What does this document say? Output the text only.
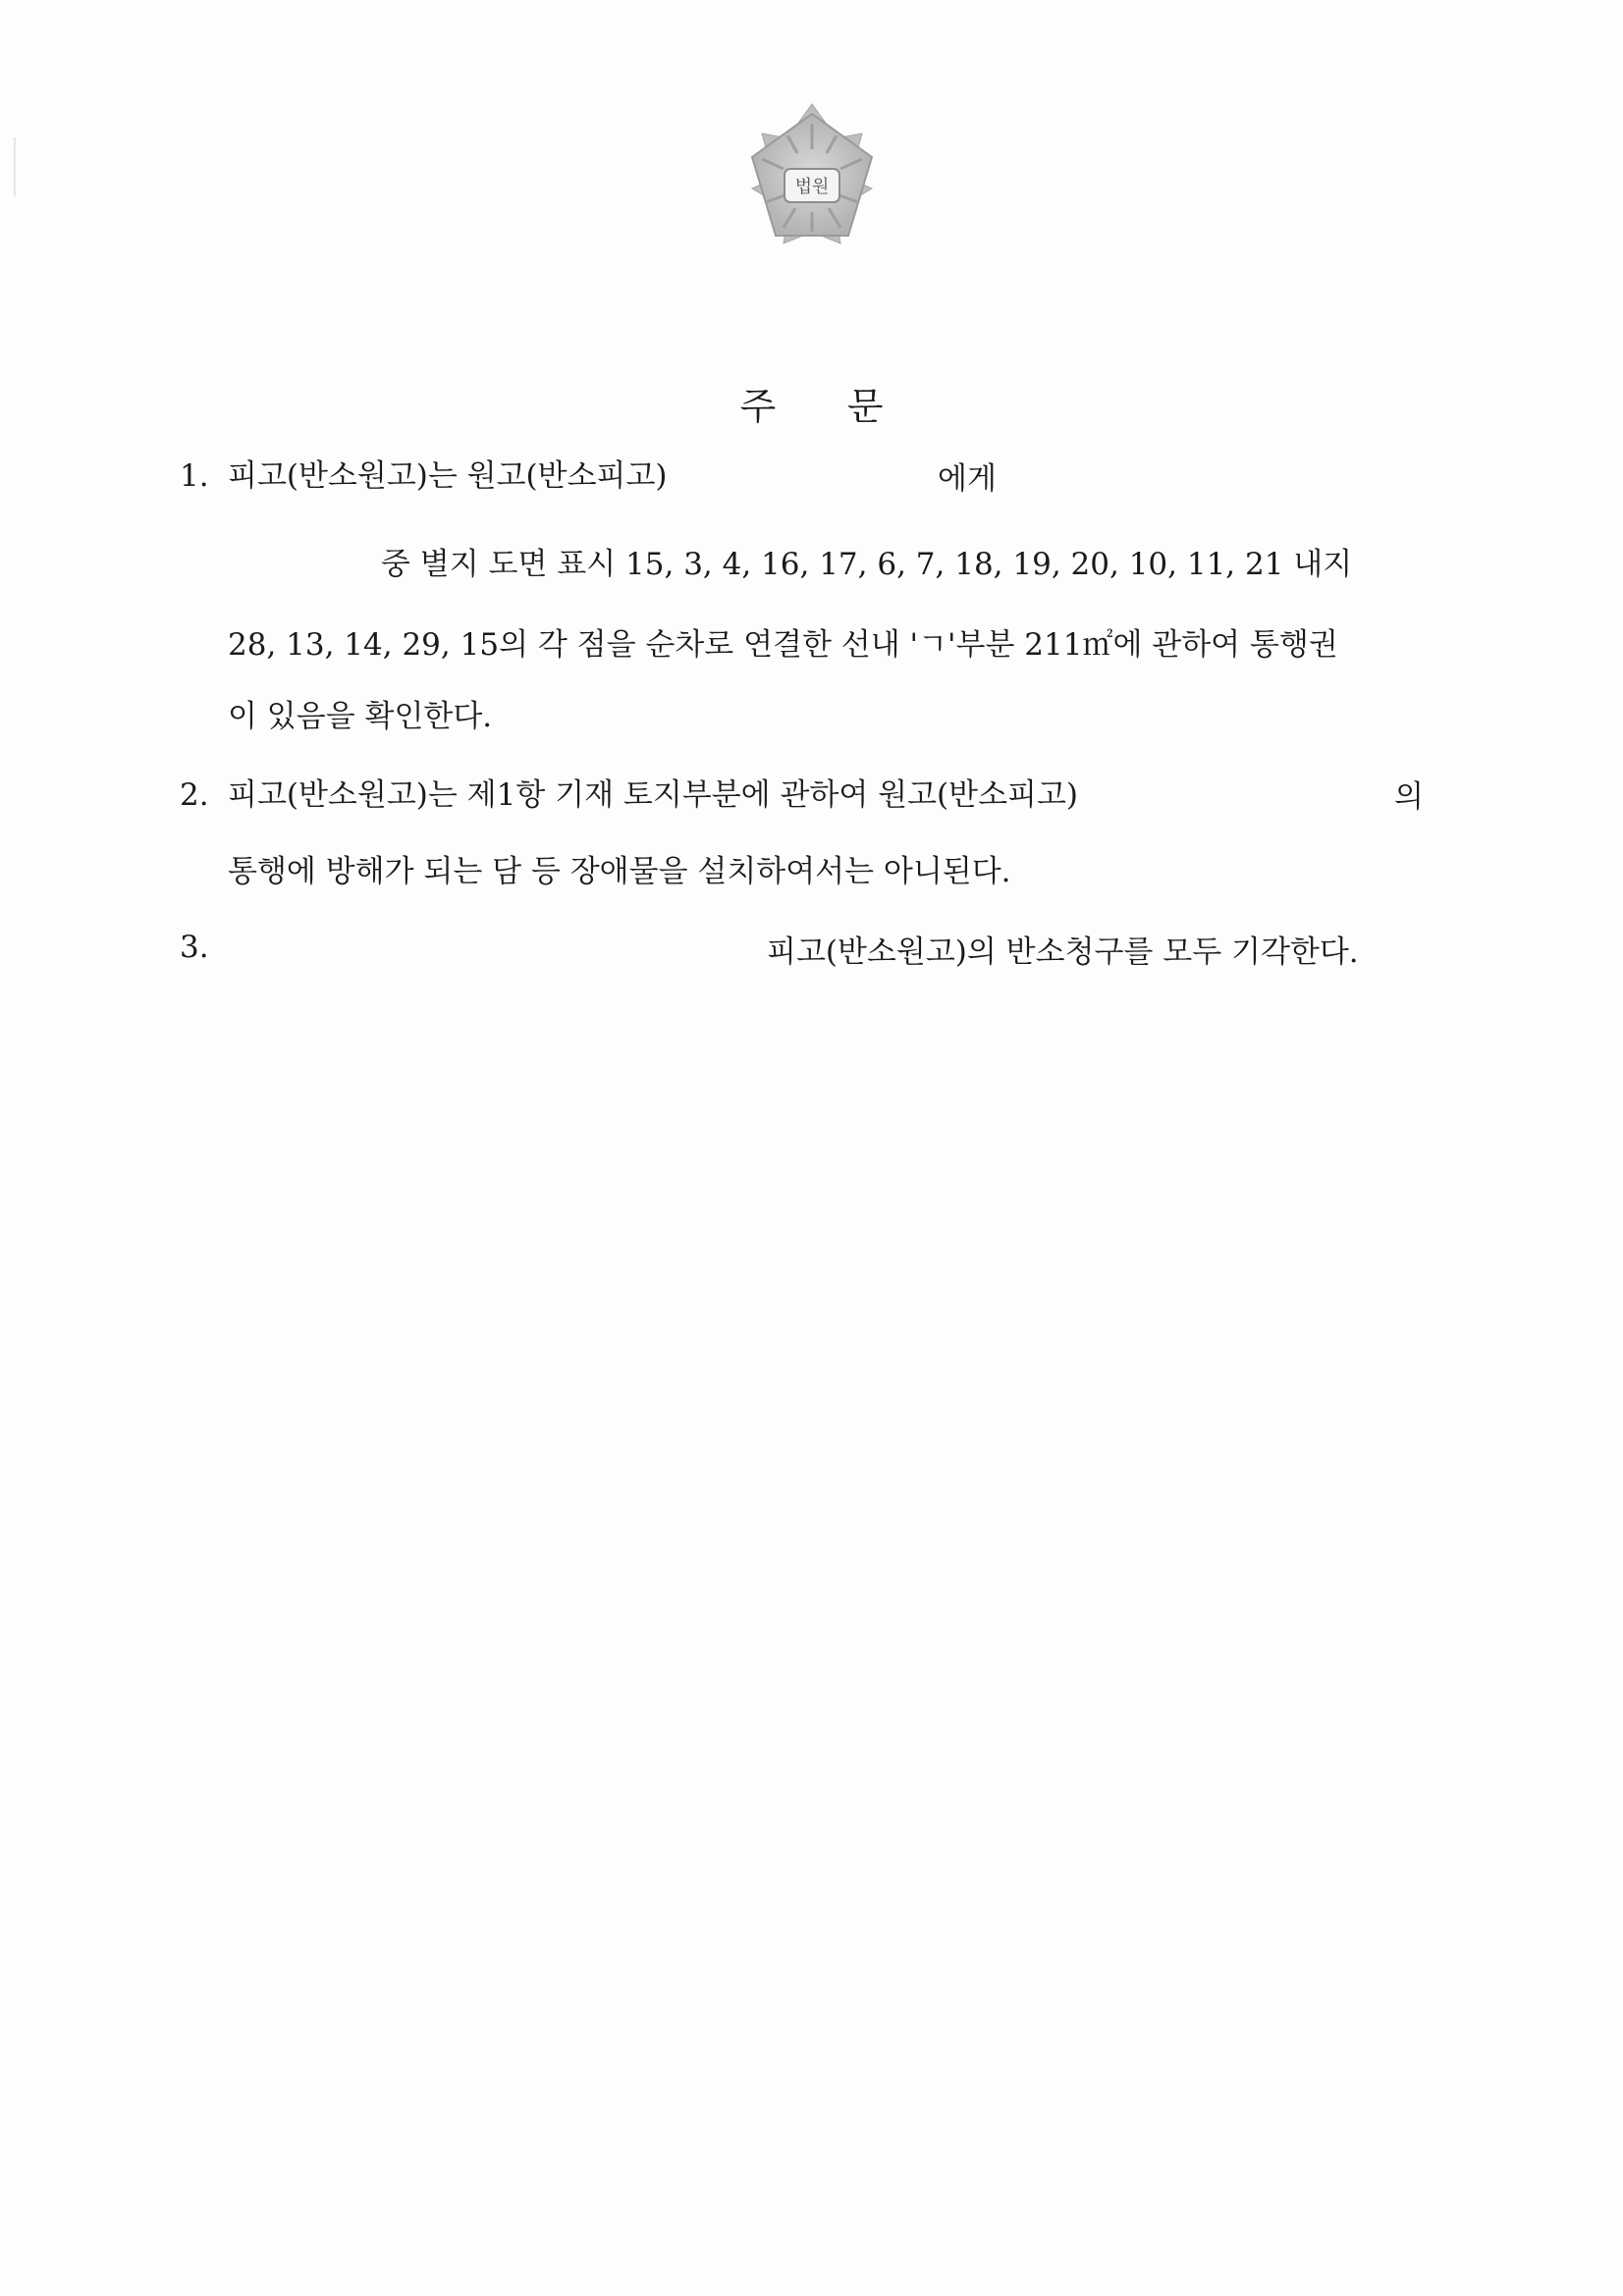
법원
주      문
1. 피고(반소원고)는 원고(반소피고)	에게
중 별지 도면 표시 15, 3, 4, 16, 17, 6, 7, 18, 19, 20, 10, 11, 21 내지
28, 13, 14, 29, 15의 각 점을 순차로 연결한 선내 'ㄱ'부분 211㎡에 관하여 통행권
이 있음을 확인한다.
2. 피고(반소원고)는 제1항 기재 토지부분에 관하여 원고(반소피고)	의
통행에 방해가 되는 담 등 장애물을 설치하여서는 아니된다.
3.	피고(반소원고)의 반소청구를 모두 기각한다.
